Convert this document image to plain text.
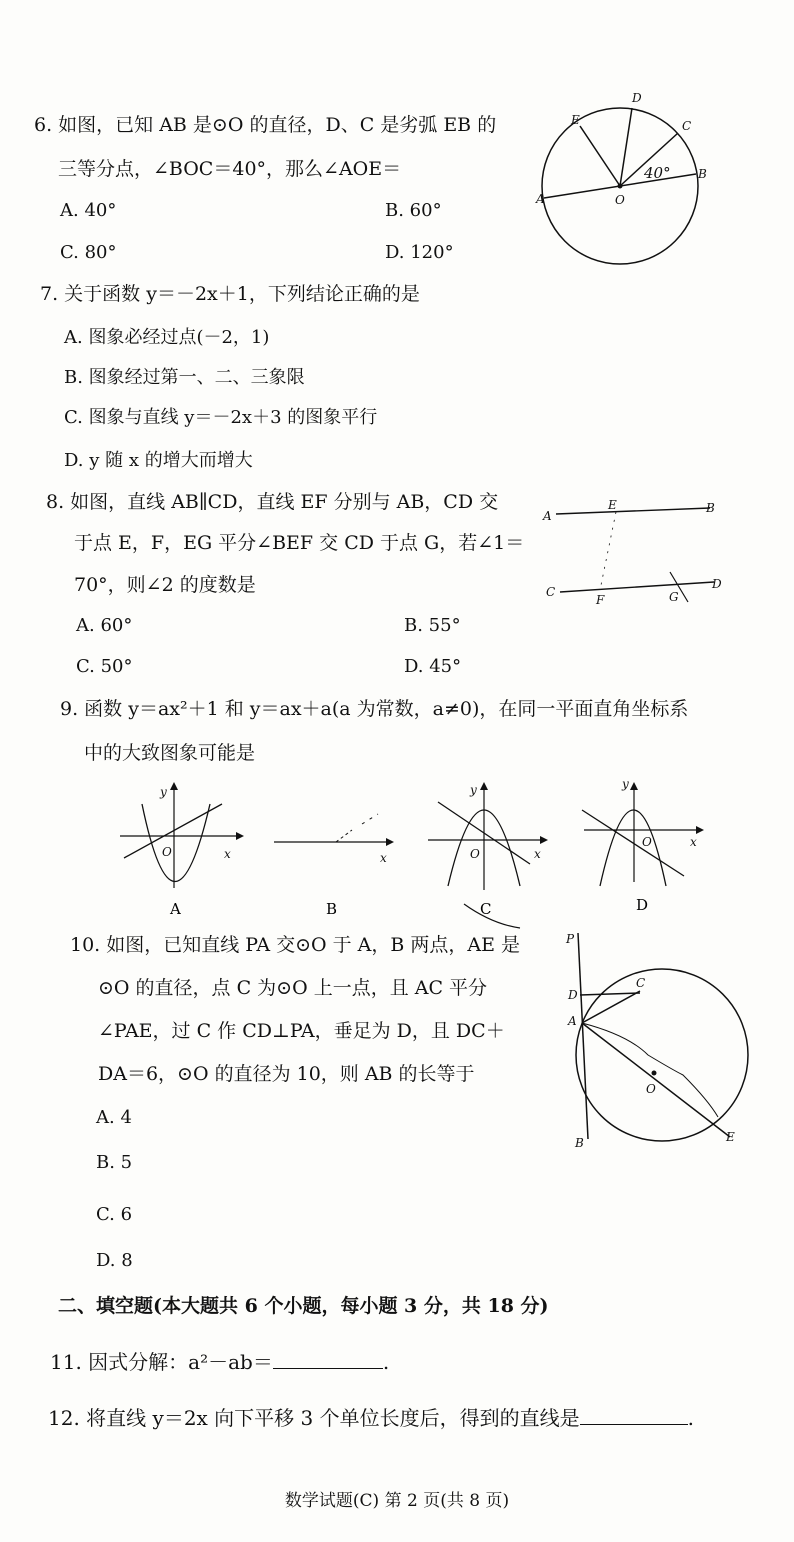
6. 如图，已知 AB 是⊙O 的直径，D、C 是劣弧 EB 的
三等分点，∠BOC＝40°，那么∠AOE＝
A. 40°	B. 60°
C. 80°	D. 120°
A
B
C
D
E
O
40°
7. 关于函数 y＝－2x＋1，下列结论正确的是
A. 图象必经过点(－2，1)
B. 图象经过第一、二、三象限
C. 图象与直线 y＝－2x＋3 的图象平行
D. y 随 x 的增大而增大
8. 如图，直线 AB∥CD，直线 EF 分别与 AB，CD 交
于点 E，F，EG 平分∠BEF 交 CD 于点 G，若∠1＝
70°，则∠2 的度数是
A. 60°	B. 55°
C. 50°	D. 45°
A
B
C
D
E
F	G
9. 函数 y＝ax²＋1 和 y＝ax＋a(a 为常数，a≠0)，在同一平面直角坐标系
中的大致图象可能是
y
x
O
A
x
B
y
x
O
C
y
x
O
D
10. 如图，已知直线 PA 交⊙O 于 A，B 两点，AE 是
⊙O 的直径，点 C 为⊙O 上一点，且 AC 平分
∠PAE，过 C 作 CD⊥PA，垂足为 D，且 DC＋
DA＝6，⊙O 的直径为 10，则 AB 的长等于
A. 4
B. 5
C. 6
D. 8
P
C
D
A
O
B	E
二、填空题(本大题共 6 个小题，每小题 3 分，共 18 分)
11. 因式分解：a²－ab＝	.
12. 将直线 y＝2x 向下平移 3 个单位长度后，得到的直线是	.
数学试题(C) 第 2 页(共 8 页)
